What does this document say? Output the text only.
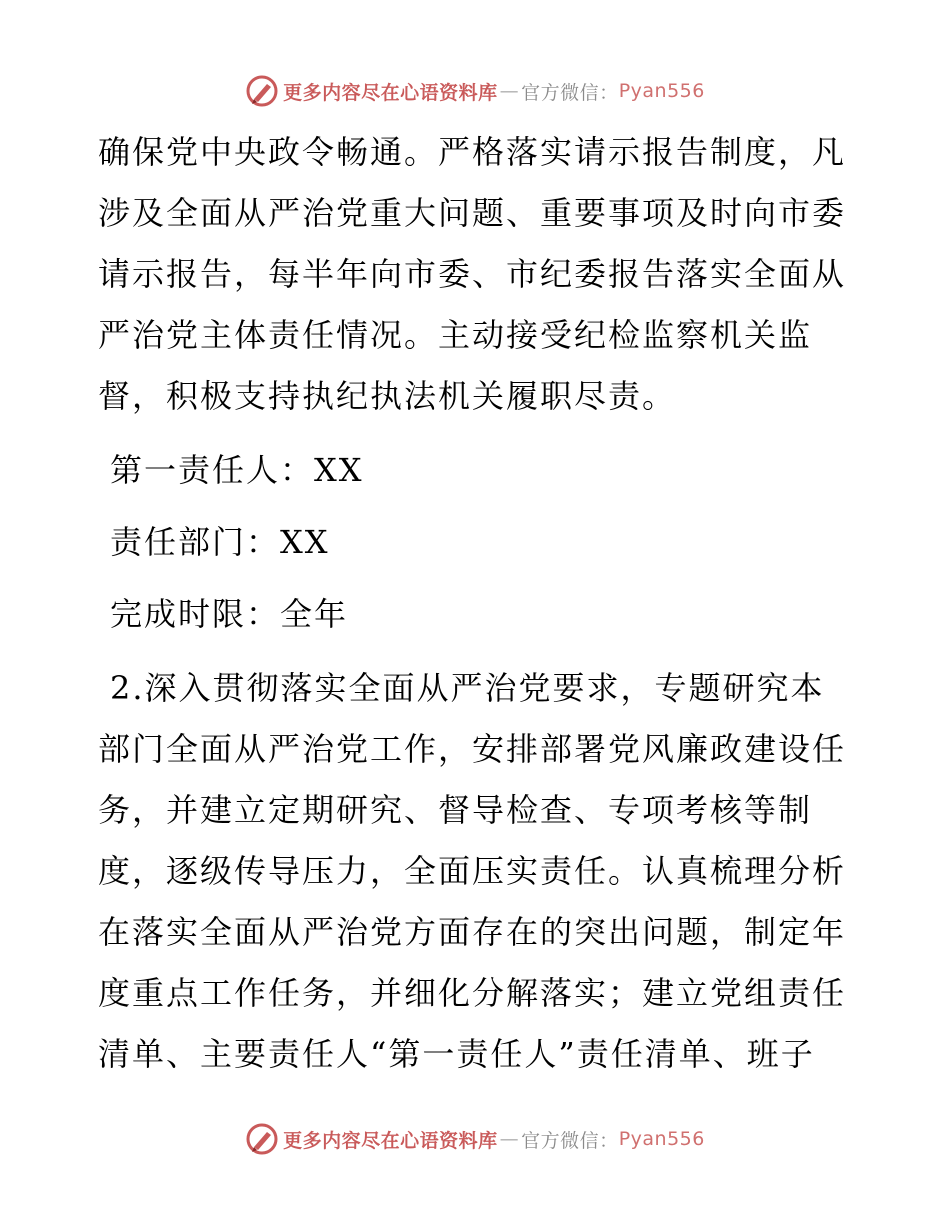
更多内容尽在心语资料库 — 官方微信 ： Pyan556
确保党中央政令畅通。严格落实请示报告制度，凡
涉及全面从严治党重大问题、重要事项及时向市委
请示报告，每半年向市委、市纪委报告落实全面从
严治党主体责任情况。主动接受纪检监察机关监
督，积极支持执纪执法机关履职尽责。
第一责任人：XX
责任部门：XX
完成时限：全年
2.深入贯彻落实全面从严治党要求，专题研究本
部门全面从严治党工作，安排部署党风廉政建设任
务，并建立定期研究、督导检查、专项考核等制
度，逐级传导压力，全面压实责任。认真梳理分析
在落实全面从严治党方面存在的突出问题，制定年
度重点工作任务，并细化分解落实；建立党组责任
清单、主要责任人“第一责任人”责任清单、班子
更多内容尽在心语资料库 — 官方微信 ： Pyan556
